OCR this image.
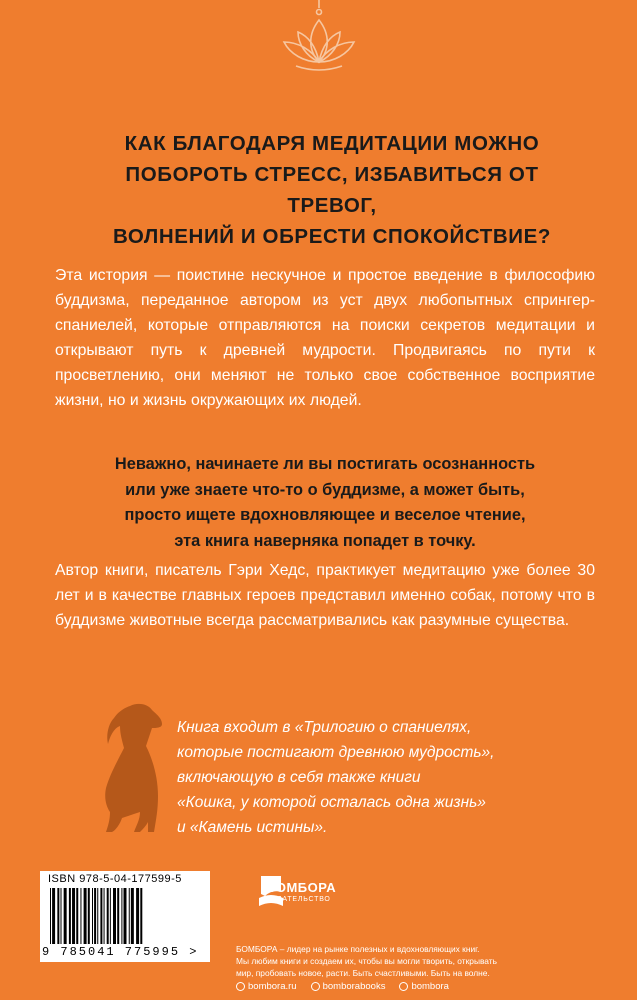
КАК БЛАГОДАРЯ МЕДИТАЦИИ МОЖНО
ПОБОРОТЬ СТРЕСС, ИЗБАВИТЬСЯ ОТ ТРЕВОГ,
ВОЛНЕНИЙ И ОБРЕСТИ СПОКОЙСТВИЕ?
Эта история — поистине нескучное и простое введение в философию буддизма, переданное автором из уст двух любопытных спрингер-спаниелей, которые отправляются на поиски секретов медитации и открывают путь к древней мудрости. Продвигаясь по пути к просветлению, они меняют не только свое собственное восприятие жизни, но и жизнь окружающих их людей.
Неважно, начинаете ли вы постигать осознанность
или уже знаете что-то о буддизме, а может быть,
просто ищете вдохновляющее и веселое чтение,
эта книга наверняка попадет в точку.
Автор книги, писатель Гэри Хедс, практикует медитацию уже более 30 лет и в качестве главных героев представил именно собак, потому что в буддизме животные всегда рассматривались как разумные существа.
Книга входит в «Трилогию о спаниелях,
которые постигают древнюю мудрость»,
включающую в себя также книги
«Кошка, у которой осталась одна жизнь»
и «Камень истины».
ISBN 978-5-04-177599-5
9 785041 775995 >
БОМБОРА
ИЗДАТЕЛЬСТВО
БОМБОРА – лидер на рынке полезных и вдохновляющих книг.
Мы любим книги и создаем их, чтобы вы могли творить, открывать
мир, пробовать новое, расти. Быть счастливыми. Быть на волне.
bombora.ru	bomborabooks	bombora
